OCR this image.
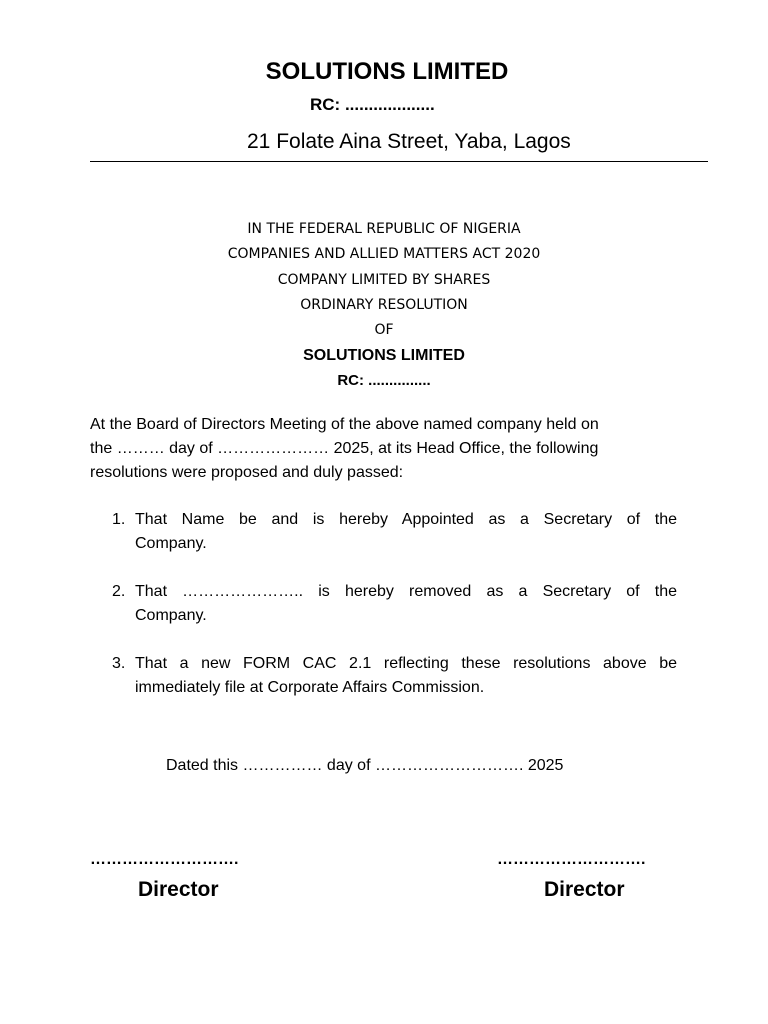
SOLUTIONS LIMITED
RC: ...................
21 Folate Aina Street, Yaba, Lagos
IN THE FEDERAL REPUBLIC OF NIGERIA
COMPANIES AND ALLIED MATTERS ACT 2020
COMPANY LIMITED BY SHARES
ORDINARY RESOLUTION
OF
SOLUTIONS LIMITED
RC: ...............
At the Board of Directors Meeting of the above named company held on
the ……… day of ………………… 2025, at its Head Office, the following
resolutions were proposed and duly passed:
1. That Name be and is hereby Appointed as a Secretary of the
Company.
2. That ………………….. is hereby removed as a Secretary of the
Company.
3. That a new FORM CAC 2.1 reflecting these resolutions above be
immediately file at Corporate Affairs Commission.
Dated this …………… day of ………………………. 2025
……………………….	……………………….
Director	Director
